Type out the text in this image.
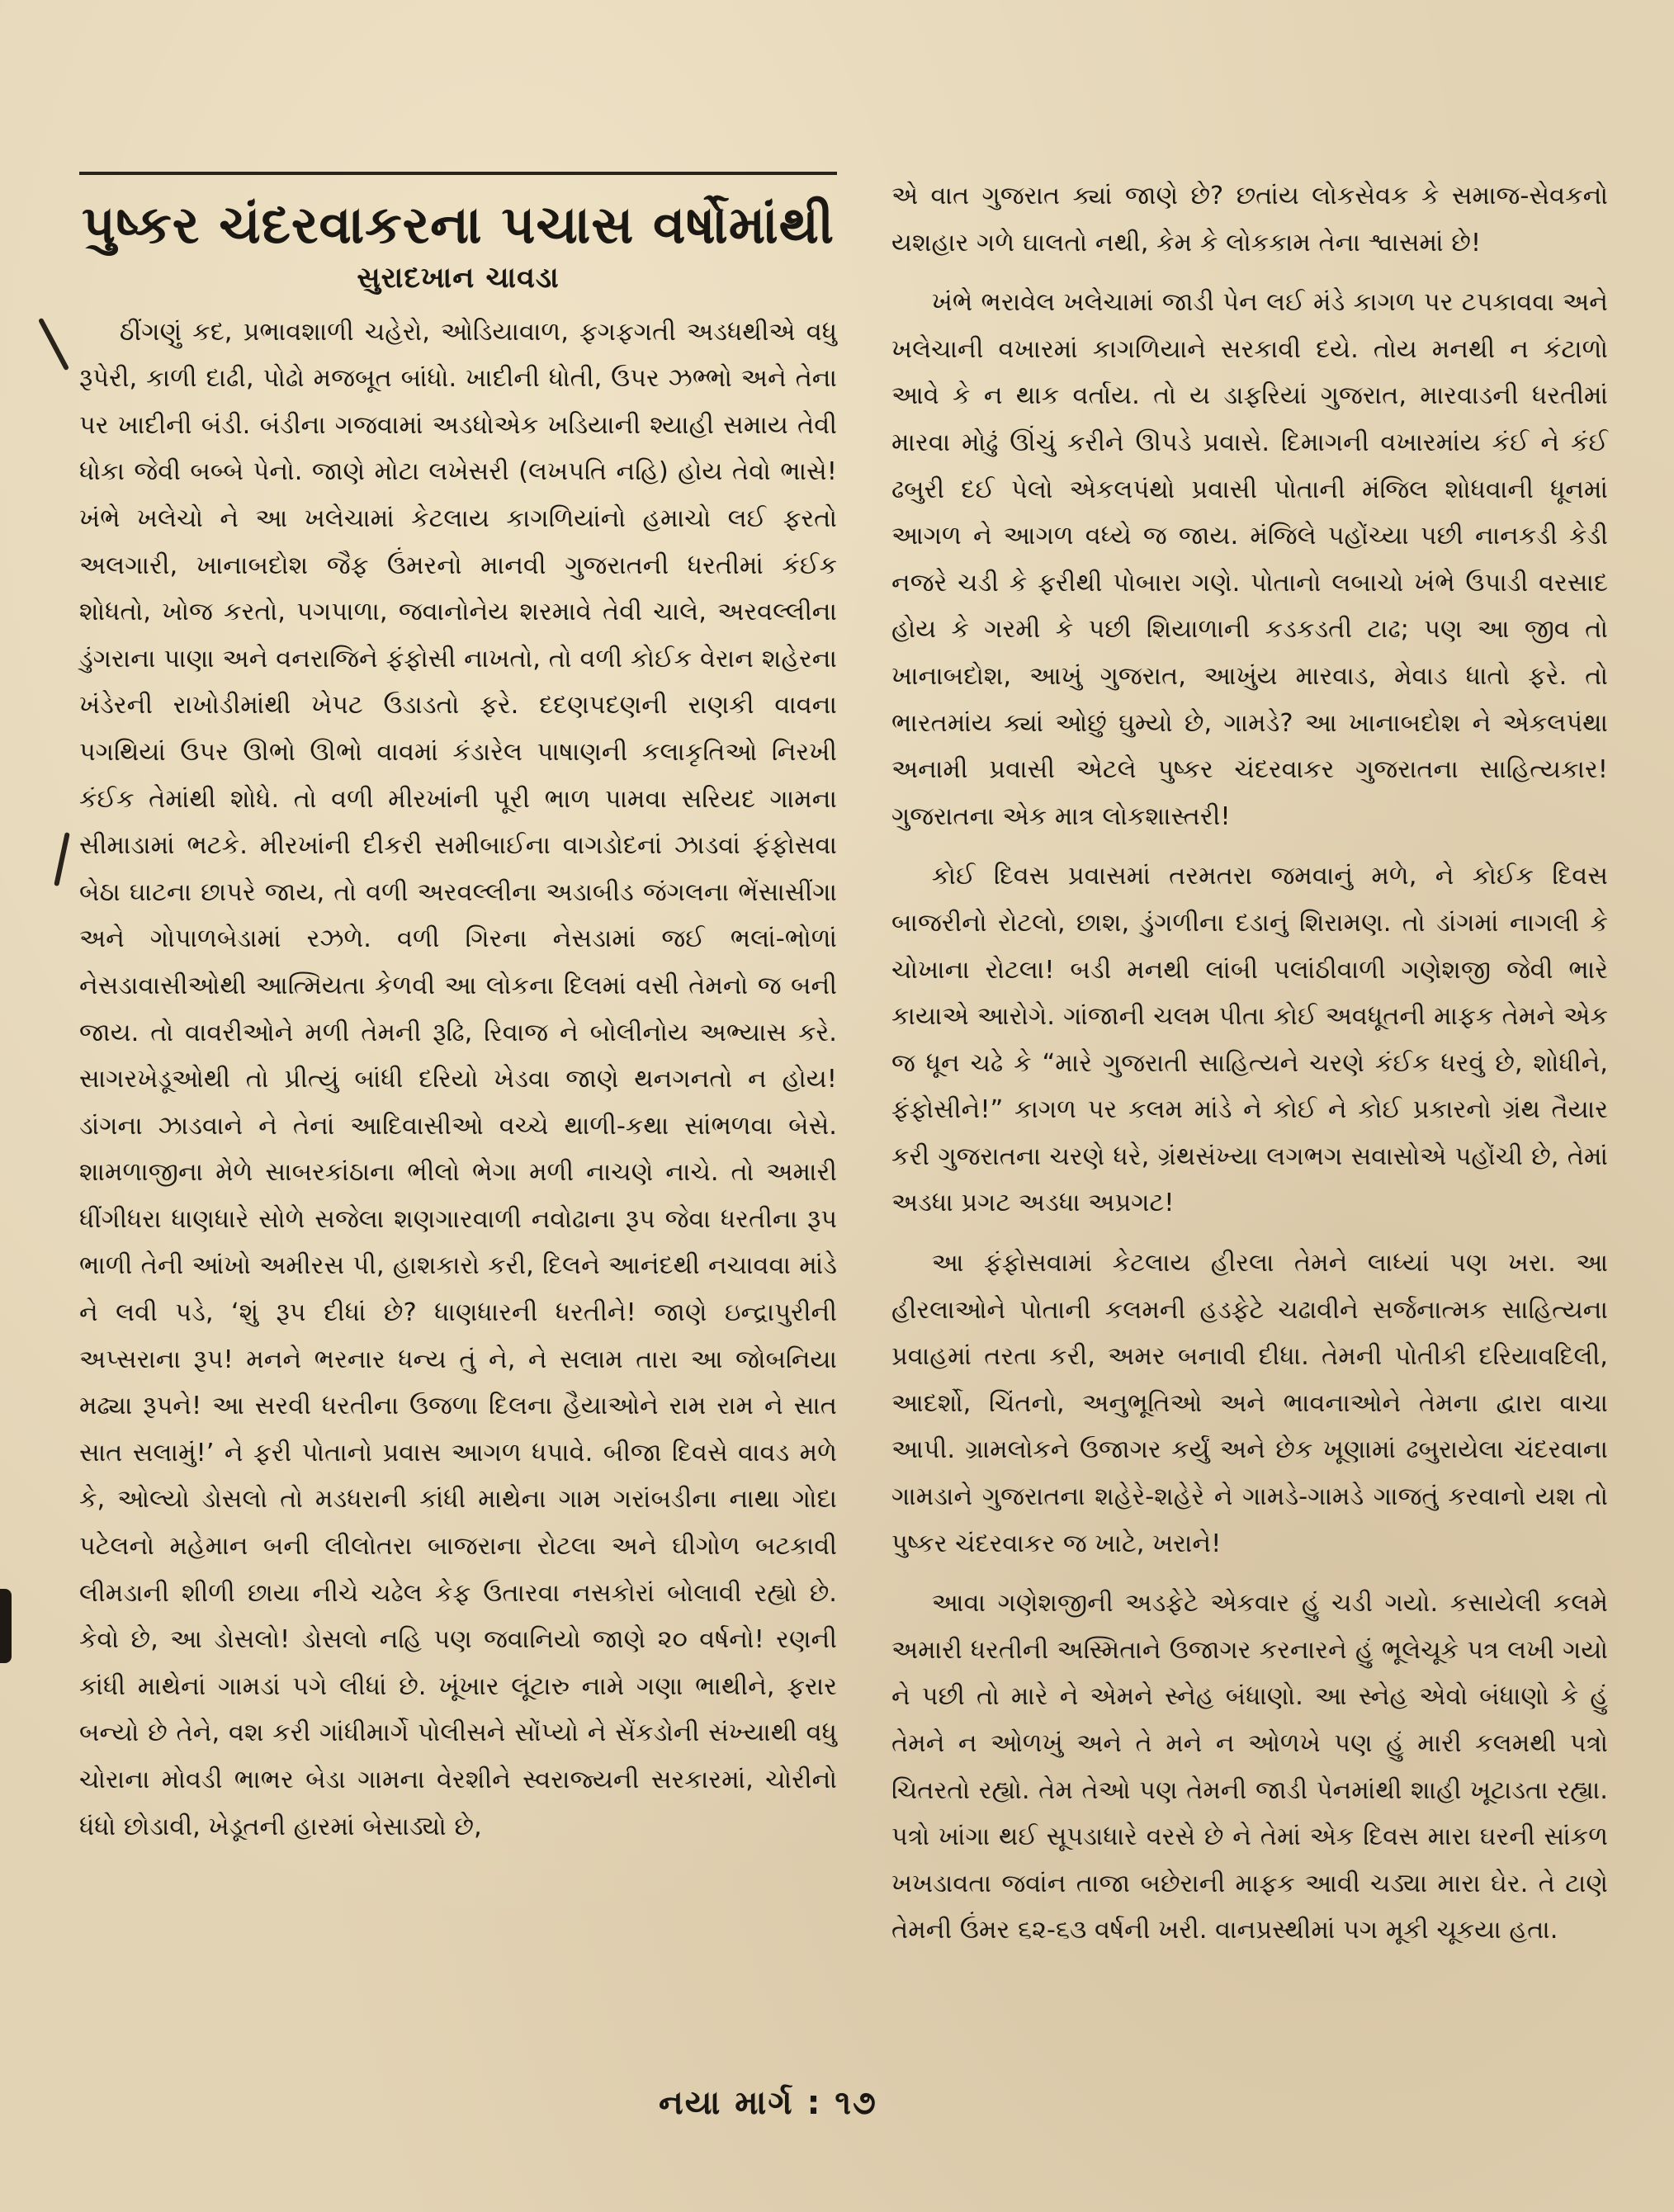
પુષ્કર ચંદરવાકરના પચાસ વર્ષોમાંથી
સુરાદખાન ચાવડા

ઠીંગણું કદ, પ્રભાવશાળી ચહેરો, ઓડિયાવાળ, ફગફગતી અડધથીએ વધુ રૂપેરી, કાળી દાઢી, પોઢો મજબૂત બાંધો. ખાદીની ધોતી, ઉપર ઝભ્ભો અને તેના પર ખાદીની બંડી. બંડીના ગજવામાં અડધોએક ખડિયાની શ્યાહી સમાય તેવી ધોકા જેવી બબ્બે પેનો. જાણે મોટા લખેસરી (લખપતિ નહિ) હોય તેવો ભાસે! ખંભે ખલેચો ને આ ખલેચામાં કેટલાય કાગળિયાંનો હમાચો લઈ ફરતો અલગારી, ખાનાબદોશ જૈફ ઉંમરનો માનવી ગુજરાતની ધરતીમાં કંઈક શોધતો, ખોજ કરતો, પગપાળા, જવાનોનેય શરમાવે તેવી ચાલે, અરવલ્લીના ડુંગરાના પાણા અને વનરાજિને ફંફોસી નાખતો, તો વળી કોઈક વેરાન શહેરના ખંડેરની રાખોડીમાંથી ખેપટ ઉડાડતો ફરે. દદણપદણની રાણકી વાવના પગથિયાં ઉપર ઊભો ઊભો વાવમાં કંડારેલ પાષાણની કલાકૃતિઓ નિરખી કંઈક તેમાંથી શોધે. તો વળી મીરખાંની પૂરી ભાળ પામવા સરિયદ ગામના સીમાડામાં ભટકે. મીરખાંની દીકરી સમીબાઈના વાગડોદનાં ઝાડવાં ફંફોસવા બેઠા ઘાટના છાપરે જાય, તો વળી અરવલ્લીના અડાબીડ જંગલના ભેંસાસીંગા અને ગોપાળબેડામાં રઝળે. વળી ગિરના નેસડામાં જઈ ભલાં-ભોળાં નેસડાવાસીઓથી આત્મિયતા કેળવી આ લોકના દિલમાં વસી તેમનો જ બની જાય. તો વાવરીઓને મળી તેમની રૂઢિ, રિવાજ ને બોલીનોય અભ્યાસ કરે. સાગરખેડૂઓથી તો પ્રીત્યું બાંધી દરિયો ખેડવા જાણે થનગનતો ન હોય! ડાંગના ઝાડવાને ને તેનાં આદિવાસીઓ વચ્ચે થાળી-કથા સાંભળવા બેસે. શામળાજીના મેળે સાબરકાંઠાના ભીલો ભેગા મળી નાચણે નાચે. તો અમારી ધીંગીધરા ધાણધારે સોળે સજેલા શણગારવાળી નવોઢાના રૂપ જેવા ધરતીના રૂપ ભાળી તેની આંખો અમીરસ પી, હાશકારો કરી, દિલને આનંદથી નચાવવા માંડે ને લવી પડે, ‘શું રૂપ દીધાં છે? ધાણધારની ધરતીને! જાણે ઇન્દ્રાપુરીની અપ્સરાના રૂપ! મનને ભરનાર ધન્ય તું ને, ને સલામ તારા આ જોબનિયા મઢ્યા રૂપને! આ સરવી ધરતીના ઉજળા દિલના હૈયાઓને રામ રામ ને સાત સાત સલામું!’ ને ફરી પોતાનો પ્રવાસ આગળ ધપાવે. બીજા દિવસે વાવડ મળે કે, ઓલ્યો ડોસલો તો મડધરાની કાંધી માથેના ગામ ગરાંબડીના નાથા ગોદા પટેલનો મહેમાન બની લીલોતરા બાજરાના રોટલા અને ઘીગોળ બટકાવી લીમડાની શીળી છાયા નીચે ચઢેલ કેફ ઉતારવા નસકોરાં બોલાવી રહ્યો છે. કેવો છે, આ ડોસલો! ડોસલો નહિ પણ જવાનિયો જાણે ૨૦ વર્ષનો! રણની કાંધી માથેનાં ગામડાં પગે લીધાં છે. ખૂંખાર લૂંટારુ નામે ગણા ભાથીને, ફરાર બન્યો છે તેને, વશ કરી ગાંધીમાર્ગે પોલીસને સોંપ્યો ને સેંકડોની સંખ્યાથી વધુ ચોરાના મોવડી ભાભર બેડા ગામના વેરશીને સ્વરાજ્યની સરકારમાં, ચોરીનો ધંધો છોડાવી, ખેડૂતની હારમાં બેસાડ્યો છે,

એ વાત ગુજરાત ક્યાં જાણે છે? છતાંય લોકસેવક કે સમાજ-સેવકનો યશહાર ગળે ઘાલતો નથી, કેમ કે લોકકામ તેના શ્વાસમાં છે!

ખંભે ભરાવેલ ખલેચામાં જાડી પેન લઈ મંડે કાગળ પર ટપકાવવા અને ખલેચાની વખારમાં કાગળિયાને સરકાવી દયે. તોય મનથી ન કંટાળો આવે કે ન થાક વર્તાય. તો ય ડાફરિયાં ગુજરાત, મારવાડની ધરતીમાં મારવા મોઢું ઊંચું કરીને ઊપડે પ્રવાસે. દિમાગની વખારમાંય કંઈ ને કંઈ ઢબુરી દઈ પેલો એકલપંથો પ્રવાસી પોતાની મંજિલ શોધવાની ધૂનમાં આગળ ને આગળ વધ્યે જ જાય. મંજિલે પહોંચ્યા પછી નાનકડી કેડી નજરે ચડી કે ફરીથી પોબારા ગણે. પોતાનો લબાચો ખંભે ઉપાડી વરસાદ હોય કે ગરમી કે પછી શિયાળાની કડકડતી ટાઢ; પણ આ જીવ તો ખાનાબદોશ, આખું ગુજરાત, આખુંય મારવાડ, મેવાડ ધાતો ફરે. તો ભારતમાંય ક્યાં ઓછું ઘુમ્યો છે, ગામડે? આ ખાનાબદોશ ને એકલપંથા અનામી પ્રવાસી એટલે પુષ્કર ચંદરવાકર ગુજરાતના સાહિત્યકાર! ગુજરાતના એક માત્ર લોકશાસ્તરી!

કોઈ દિવસ પ્રવાસમાં તરમતરા જમવાનું મળે, ને કોઈક દિવસ બાજરીનો રોટલો, છાશ, ડુંગળીના દડાનું શિરામણ. તો ડાંગમાં નાગલી કે ચોખાના રોટલા! બડી મનથી લાંબી પલાંઠીવાળી ગણેશજી જેવી ભારે કાયાએ આરોગે. ગાંજાની ચલમ પીતા કોઈ અવધૂતની માફક તેમને એક જ ધૂન ચઢે કે “મારે ગુજરાતી સાહિત્યને ચરણે કંઈક ધરવું છે, શોધીને, ફંફોસીને!” કાગળ પર કલમ માંડે ને કોઈ ને કોઈ પ્રકારનો ગ્રંથ તૈયાર કરી ગુજરાતના ચરણે ધરે, ગ્રંથસંખ્યા લગભગ સવાસોએ પહોંચી છે, તેમાં અડધા પ્રગટ અડધા અપ્રગટ!

આ ફંફોસવામાં કેટલાય હીરલા તેમને લાધ્યાં પણ ખરા. આ હીરલાઓને પોતાની કલમની હડફેટે ચઢાવીને સર્જનાત્મક સાહિત્યના પ્રવાહમાં તરતા કરી, અમર બનાવી દીધા. તેમની પોતીકી દરિયાવદિલી, આદર્શો, ચિંતનો, અનુભૂતિઓ અને ભાવનાઓને તેમના દ્વારા વાચા આપી. ગ્રામલોકને ઉજાગર કર્યું અને છેક ખૂણામાં ઢબુરાયેલા ચંદરવાના ગામડાને ગુજરાતના શહેરે-શહેરે ને ગામડે-ગામડે ગાજતું કરવાનો યશ તો પુષ્કર ચંદરવાકર જ ખાટે, ખરાને!

આવા ગણેશજીની અડફેટે એકવાર હું ચડી ગયો. કસાયેલી કલમે અમારી ધરતીની અસ્મિતાને ઉજાગર કરનારને હું ભૂલેચૂકે પત્ર લખી ગયો ને પછી તો મારે ને એમને સ્નેહ બંધાણો. આ સ્નેહ એવો બંધાણો કે હું તેમને ન ઓળખું અને તે મને ન ઓળખે પણ હું મારી કલમથી પત્રો ચિતરતો રહ્યો. તેમ તેઓ પણ તેમની જાડી પેનમાંથી શાહી ખૂટાડતા રહ્યા. પત્રો ખાંગા થઈ સૂપડાધારે વરસે છે ને તેમાં એક દિવસ મારા ઘરની સાંકળ ખખડાવતા જવાંન તાજા બછેરાની માફક આવી ચડ્યા મારા ઘેર. તે ટાણે તેમની ઉંમર ૬૨-૬૩ વર્ષની ખરી. વાનપ્રસ્થીમાં પગ મૂકી ચૂકયા હતા.

નયા માર્ગ : ૧૭
